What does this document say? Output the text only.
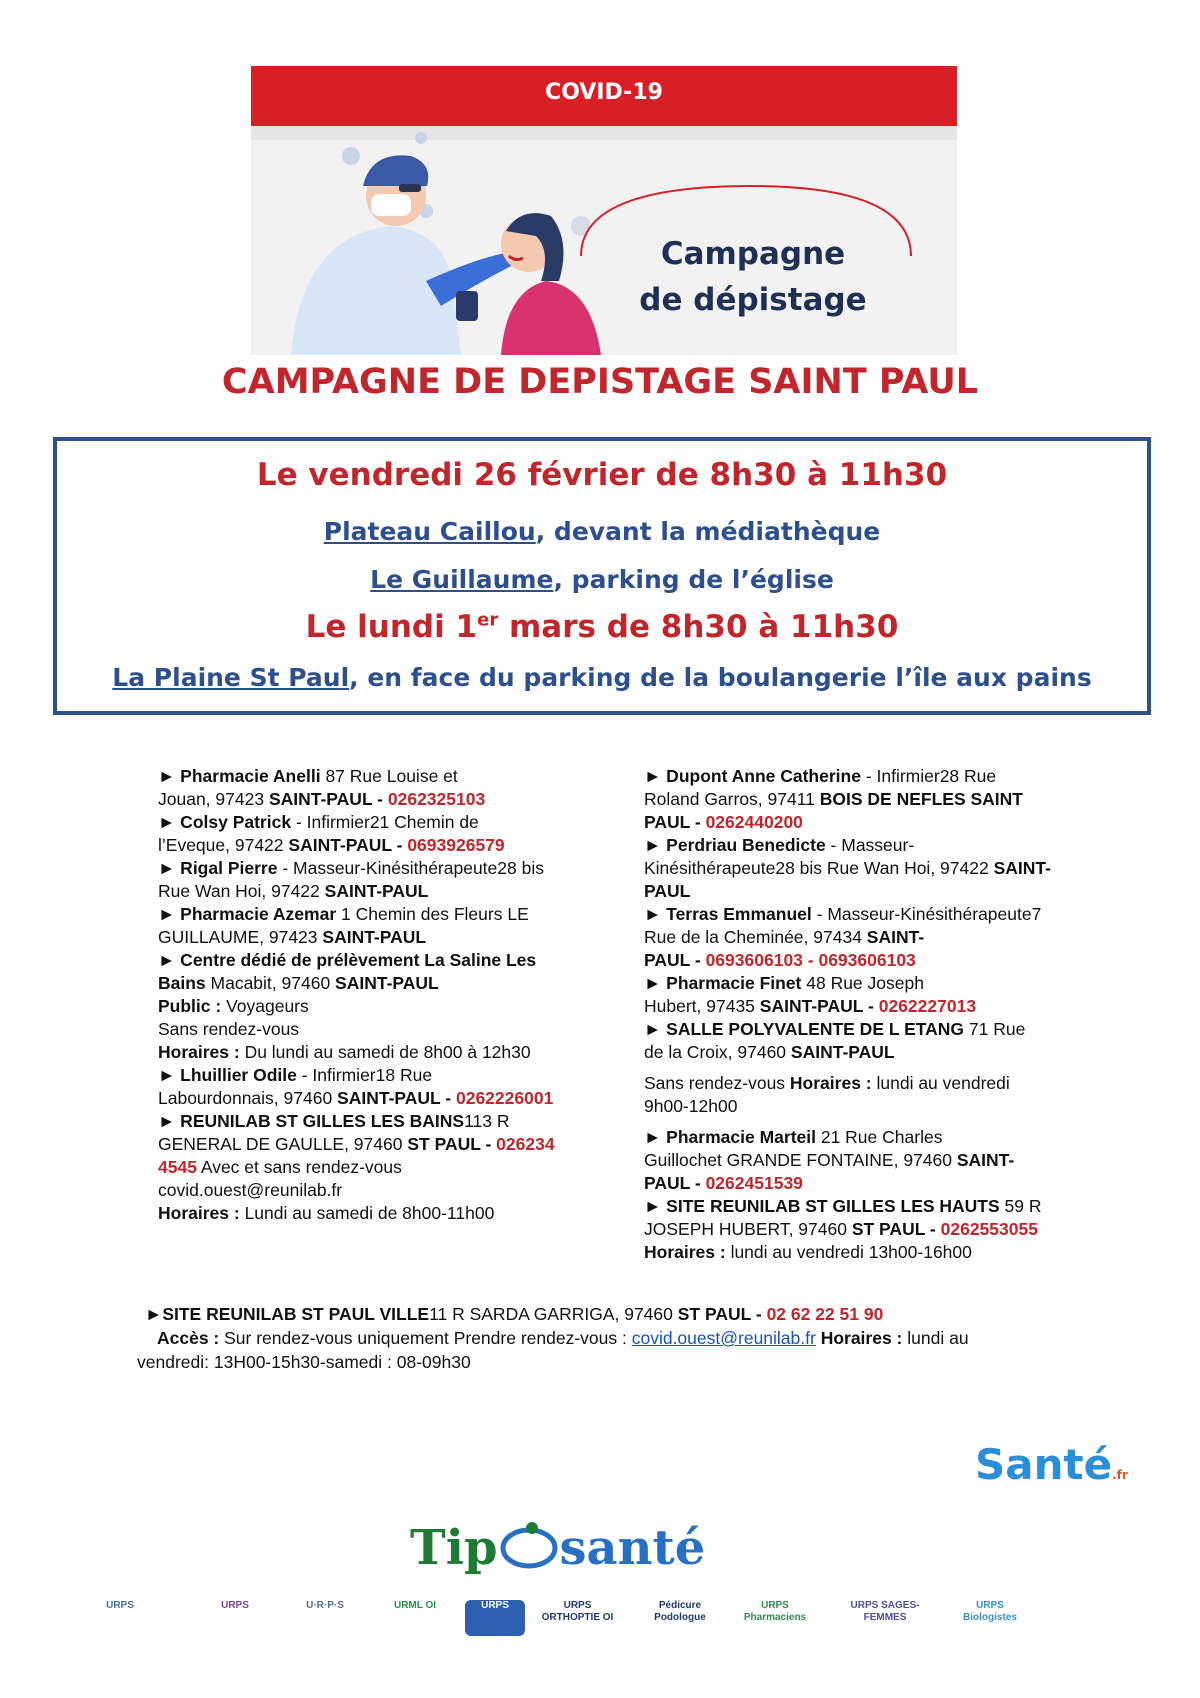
COVID-19
Campagne
de dépistage
CAMPAGNE DE DEPISTAGE SAINT PAUL
Le vendredi 26 février de 8h30 à 11h30
Plateau Caillou, devant la médiathèque
Le Guillaume, parking de l’église
Le lundi 1er mars de 8h30 à 11h30
La Plaine St Paul, en face du parking de la boulangerie l’île aux pains

► Pharmacie Anelli 87 Rue Louise et

Jouan, 97423 SAINT-PAUL - 0262325103

► Colsy Patrick - Infirmier21 Chemin de

l’Eveque, 97422 SAINT-PAUL - 0693926579

► Rigal Pierre - Masseur-Kinésithérapeute28 bis

Rue Wan Hoi, 97422 SAINT-PAUL

► Pharmacie Azemar 1 Chemin des Fleurs LE

GUILLAUME, 97423 SAINT-PAUL

► Centre dédié de prélèvement La Saline Les

Bains Macabit, 97460 SAINT-PAUL

Public : Voyageurs

Sans rendez-vous

Horaires : Du lundi au samedi de 8h00 à 12h30

► Lhuillier Odile - Infirmier18 Rue

Labourdonnais, 97460 SAINT-PAUL - 0262226001

► REUNILAB ST GILLES LES BAINS113 R

GENERAL DE GAULLE, 97460 ST PAUL - 026234

4545 Avec et sans rendez-vous

covid.ouest@reunilab.fr

Horaires : Lundi au samedi de 8h00-11h00

► Dupont Anne Catherine - Infirmier28 Rue

Roland Garros, 97411 BOIS DE NEFLES SAINT

PAUL - 0262440200

► Perdriau Benedicte - Masseur-

Kinésithérapeute28 bis Rue Wan Hoi, 97422 SAINT-

PAUL

► Terras Emmanuel - Masseur-Kinésithérapeute7

Rue de la Cheminée, 97434 SAINT-

PAUL - 0693606103 - 0693606103

► Pharmacie Finet 48 Rue Joseph

Hubert, 97435 SAINT-PAUL - 0262227013

► SALLE POLYVALENTE DE L ETANG 71 Rue

de la Croix, 97460 SAINT-PAUL

Sans rendez-vous Horaires : lundi au vendredi

9h00-12h00

► Pharmacie Marteil 21 Rue Charles

Guillochet GRANDE FONTAINE, 97460 SAINT-

PAUL - 0262451539

► SITE REUNILAB ST GILLES LES HAUTS 59 R

JOSEPH HUBERT, 97460 ST PAUL - 0262553055

Horaires : lundi au vendredi 13h00-16h00

►SITE REUNILAB ST PAUL VILLE11 R SARDA GARRIGA, 97460 ST PAUL - 02 62 22 51 90

Accès : Sur rendez-vous uniquement Prendre rendez-vous : covid.ouest@reunilab.fr Horaires : lundi au

vendredi: 13H00-15h30-samedi : 08-09h30

Santé.fr
Tip santé
URPS	URPS	U·R·P·S	URML OI	URPS	URPS ORTHOPTIE OI
Pédicure Podologue
URPS Pharmaciens
URPS SAGES-FEMMES
URPS Biologistes
